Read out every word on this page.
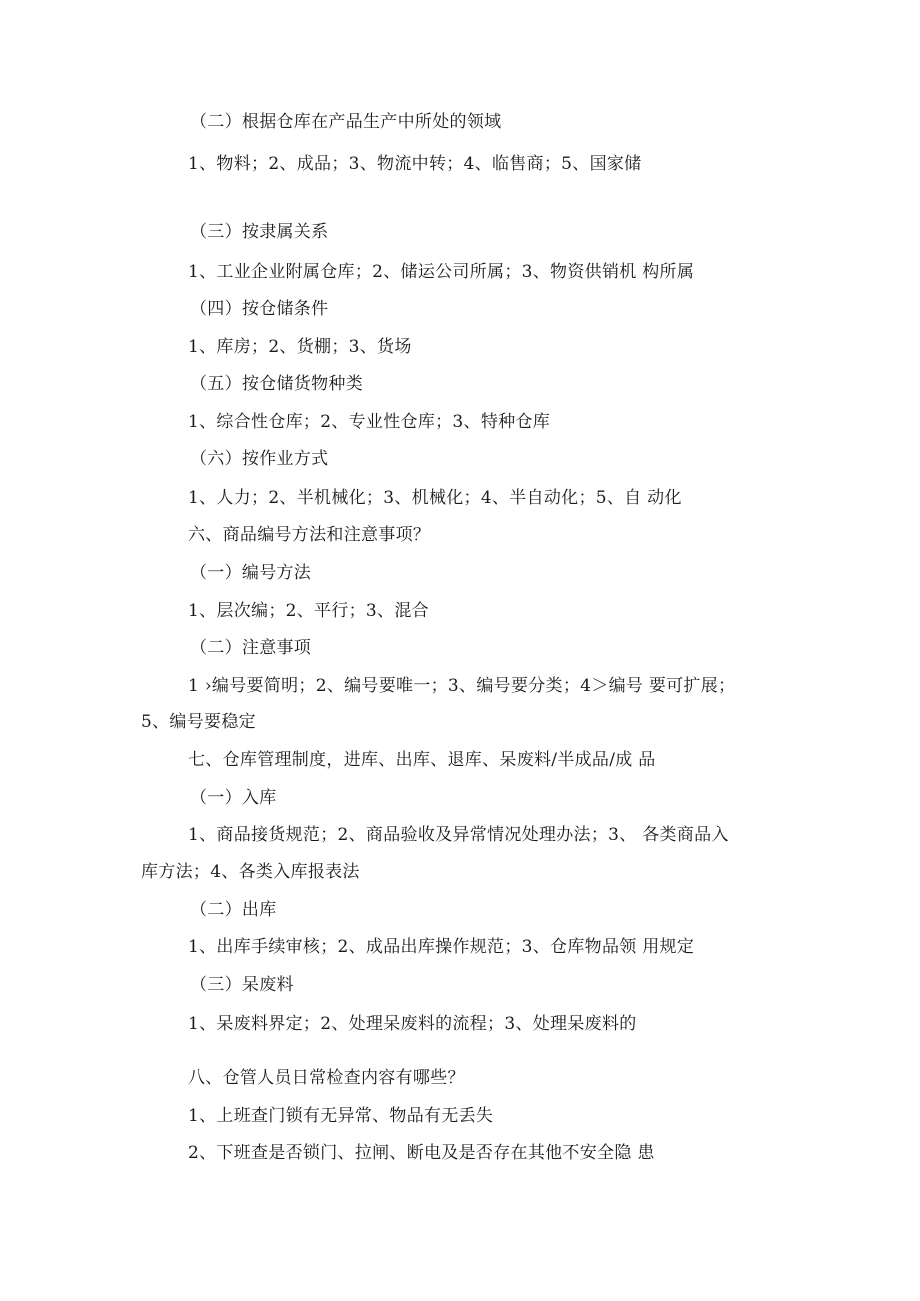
（二）根据仓库在产品生产中所处的领域
1、物料；2、成品；3、物流中转；4、临售商；5、国家储
（三）按隶属关系
1、工业企业附属仓库；2、储运公司所属；3、物资供销机 构所属
（四）按仓储条件
1、库房；2、货棚；3、货场
（五）按仓储货物种类
1、综合性仓库；2、专业性仓库；3、特种仓库
（六）按作业方式
1、人力；2、半机械化；3、机械化；4、半自动化；5、自 动化
六、商品编号方法和注意事项？
（一）编号方法
1、层次编；2、平行；3、混合
（二）注意事项
1 ›编号要简明；2、编号要唯一；3、编号要分类；4＞编号 要可扩展；
5、编号要稳定
七、仓库管理制度，进库、出库、退库、呆废料/半成品/成 品
（一）入库
1、商品接货规范；2、商品验收及异常情况处理办法；3、 各类商品入
库方法；4、各类入库报表法
（二）出库
1、出库手续审核；2、成品出库操作规范；3、仓库物品领 用规定
（三）呆废料
1、呆废料界定；2、处理呆废料的流程；3、处理呆废料的
八、仓管人员日常检查内容有哪些？
1、上班查门锁有无异常、物品有无丢失
2、下班查是否锁门、拉闸、断电及是否存在其他不安全隐 患
